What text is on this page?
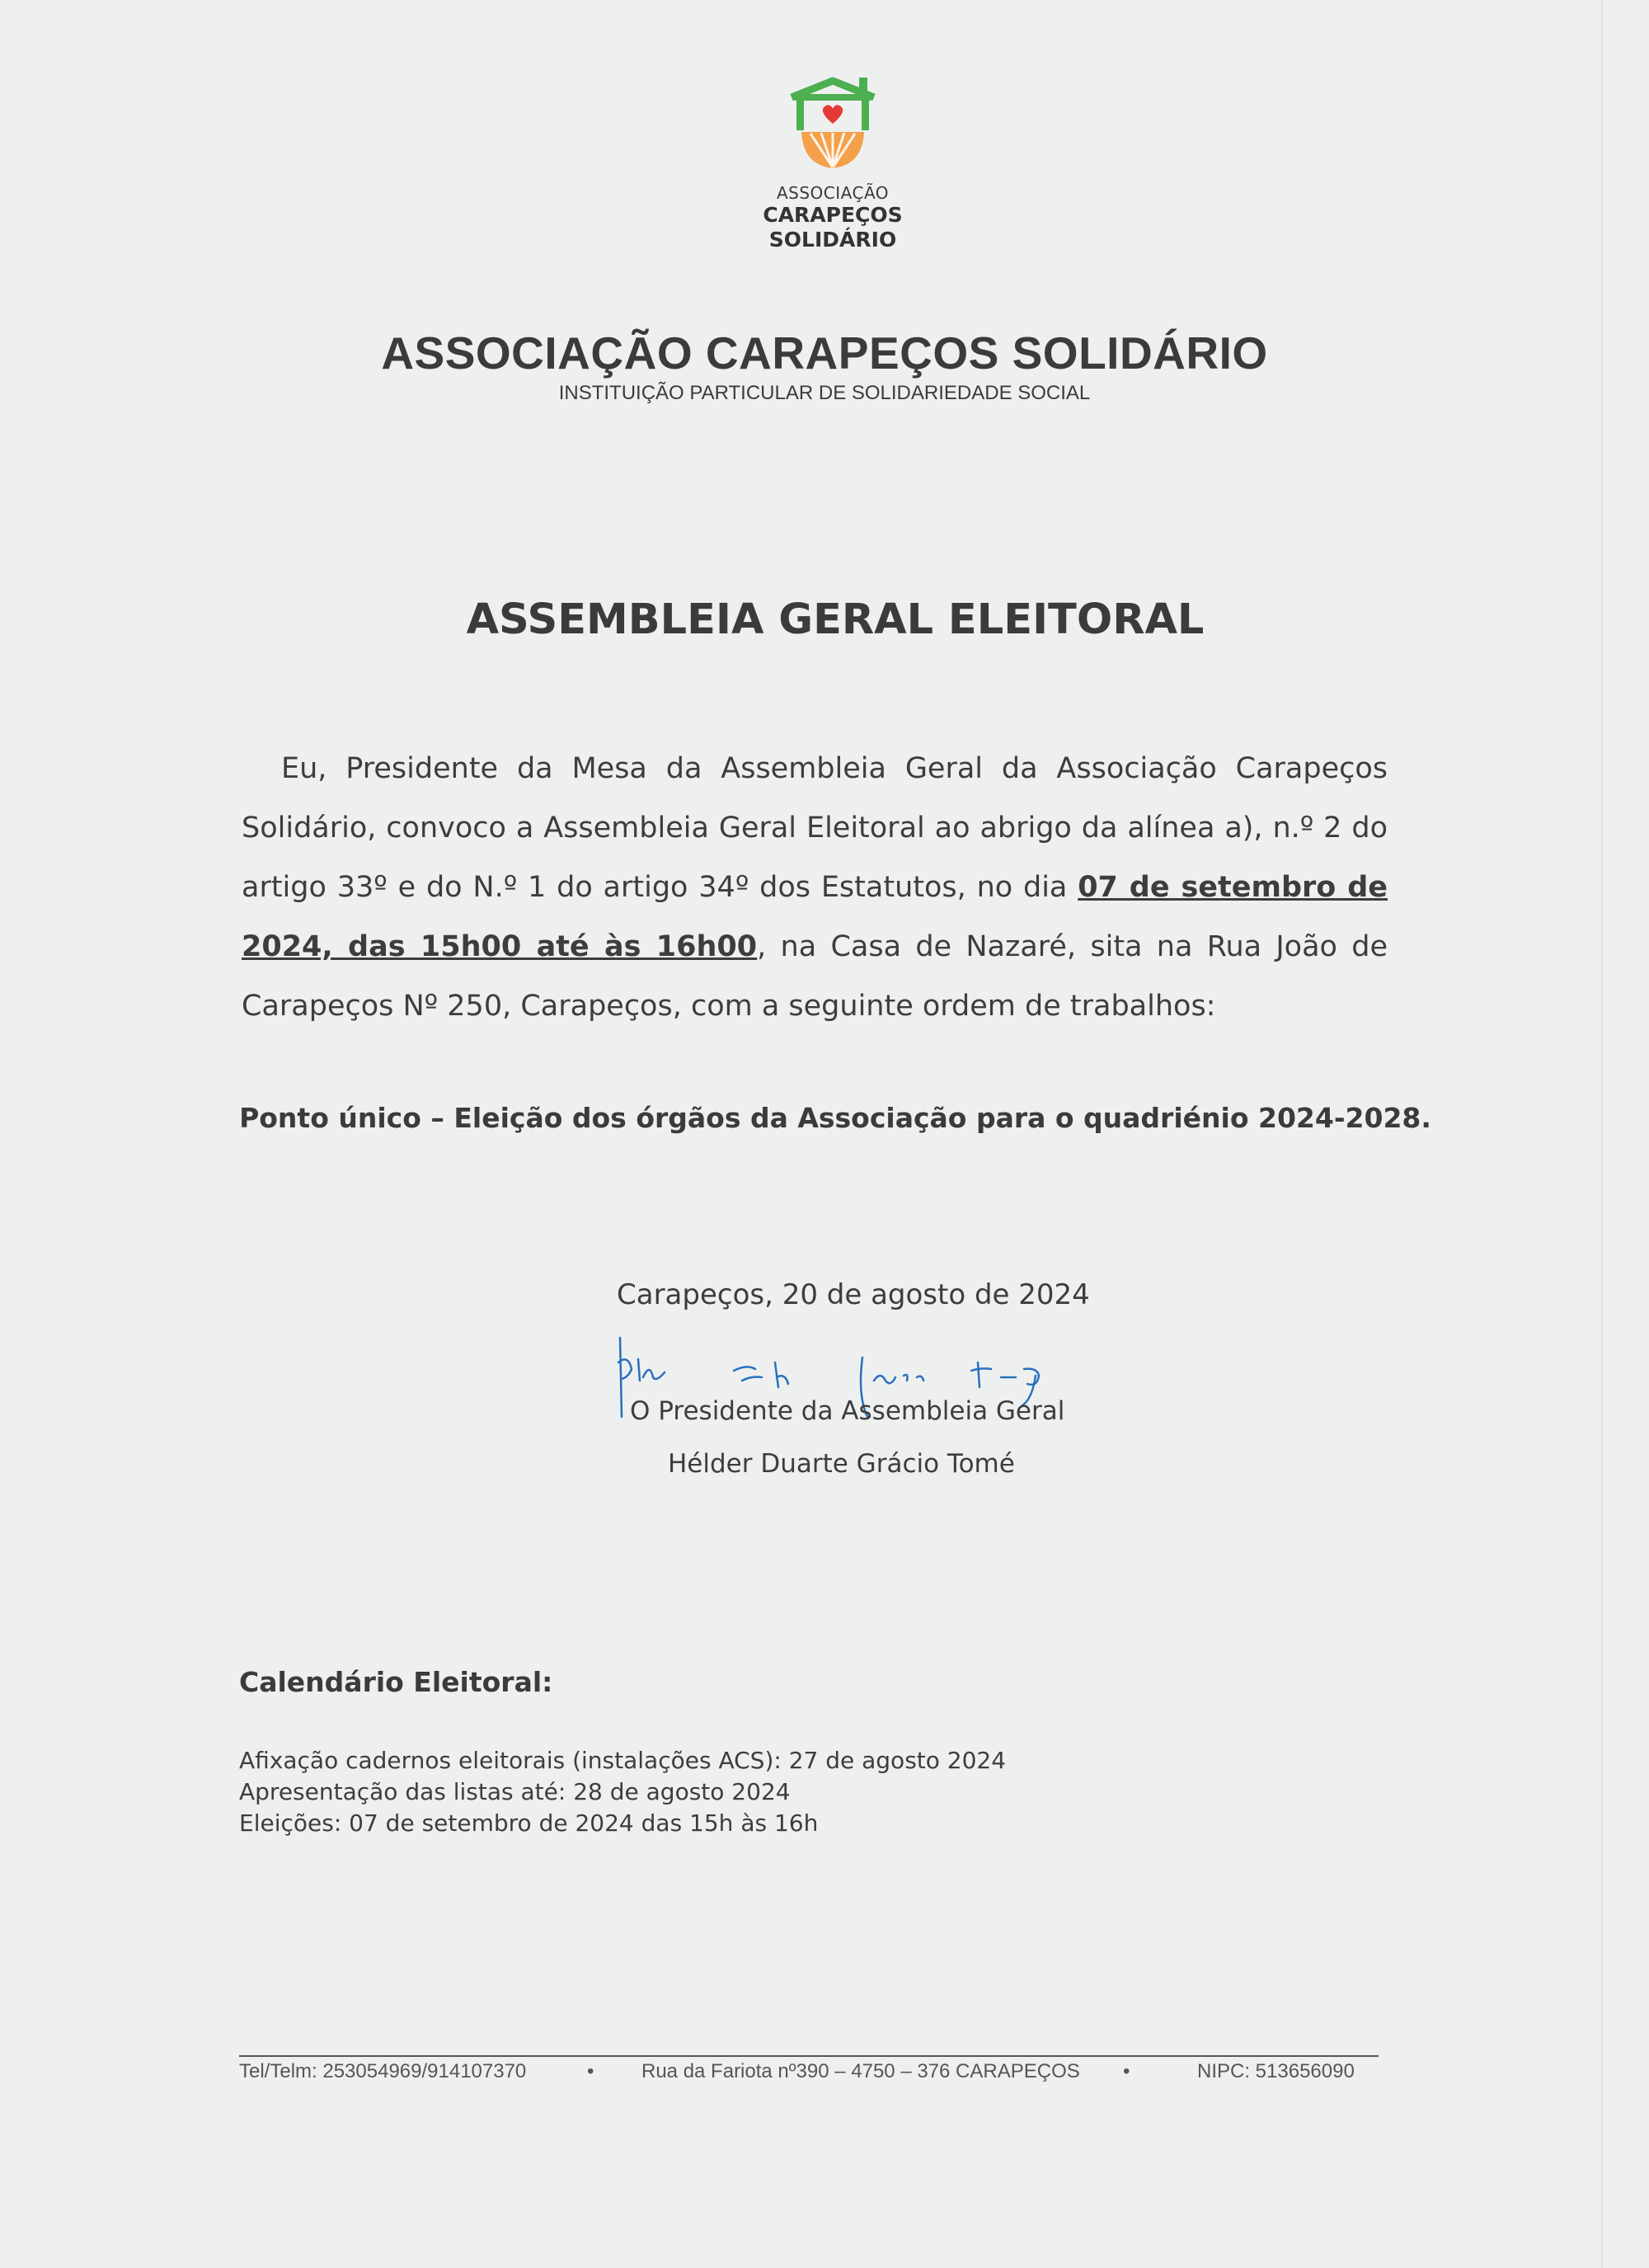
ASSOCIAÇÃO
CARAPEÇOS
SOLIDÁRIO
ASSOCIAÇÃO CARAPEÇOS SOLIDÁRIO
INSTITUIÇÃO PARTICULAR DE SOLIDARIEDADE SOCIAL
ASSEMBLEIA GERAL ELEITORAL
Eu, Presidente da Mesa da Assembleia Geral da Associação Carapeços Solidário, convoco a Assembleia Geral Eleitoral ao abrigo da alínea a), n.º 2 do artigo 33º e do N.º 1 do artigo 34º dos Estatutos, no dia 07 de setembro de 2024, das 15h00 até às 16h00, na Casa de Nazaré, sita na Rua João de Carapeços Nº 250, Carapeços, com a seguinte ordem de trabalhos:
Ponto único – Eleição dos órgãos da Associação para o quadriénio 2024-2028.
Carapeços, 20 de agosto de 2024
O Presidente da Assembleia Geral
Hélder Duarte Grácio Tomé
Calendário Eleitoral:
Afixação cadernos eleitorais (instalações ACS): 27 de agosto 2024
Apresentação das listas até: 28 de agosto 2024
Eleições: 07 de setembro de 2024 das 15h às 16h
Tel/Telm: 253054969/914107370	• Rua da Fariota nº390 – 4750 – 376 CARAPEÇOS •	NIPC: 513656090
